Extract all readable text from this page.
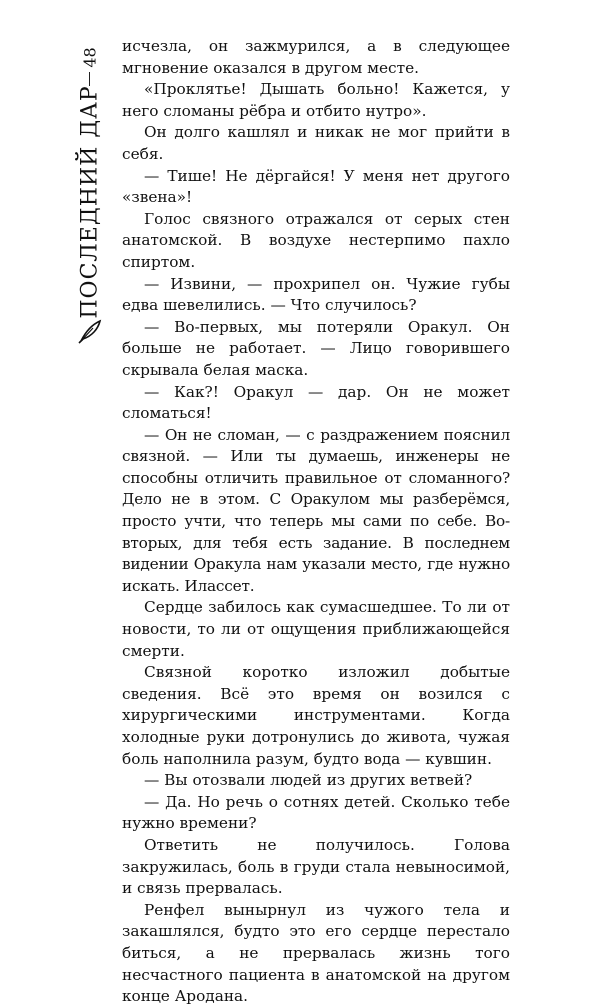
48
ПОСЛЕДНИЙ ДАР

исчезла, он зажмурился, а в следующее мгновение оказался в другом месте.

«Проклятье! Дышать больно! Кажется, у него сломаны рёбра и отбито нутро».

Он долго кашлял и никак не мог прийти в себя.

— Тише! Не дёргайся! У меня нет другого «звена»!

Голос связного отражался от серых стен анатомской. В воздухе нестерпимо пахло спиртом.

— Извини, — прохрипел он. Чужие губы едва шевелились. — Что случилось?

— Во-первых, мы потеряли Оракул. Он больше не работает. — Лицо говорившего скрывала белая маска.

— Как?! Оракул — дар. Он не может сломаться!

— Он не сломан, — с раздражением пояснил связной. — Или ты думаешь, инженеры не способны отличить правильное от сломанного? Дело не в этом. С Оракулом мы разберёмся, просто учти, что теперь мы сами по себе. Во-вторых, для тебя есть задание. В последнем видении Оракула нам указали место, где нужно искать. Илассет.

Сердце забилось как сумасшедшее. То ли от новости, то ли от ощущения приближающейся смерти.

Связной коротко изложил добытые сведения. Всё это время он возился с хирургическими инструментами. Когда холодные руки дотронулись до живота, чужая боль наполнила разум, будто вода — кувшин.

— Вы отозвали людей из других ветвей?

— Да. Но речь о сотнях детей. Сколько тебе нужно времени?

Ответить не получилось. Голова закружилась, боль в груди стала невыносимой, и связь прервалась.

Ренфел вынырнул из чужого тела и закашлялся, будто это его сердце перестало биться, а не прервалась жизнь того несчастного пациента в анатомской на другом конце Ародана.
